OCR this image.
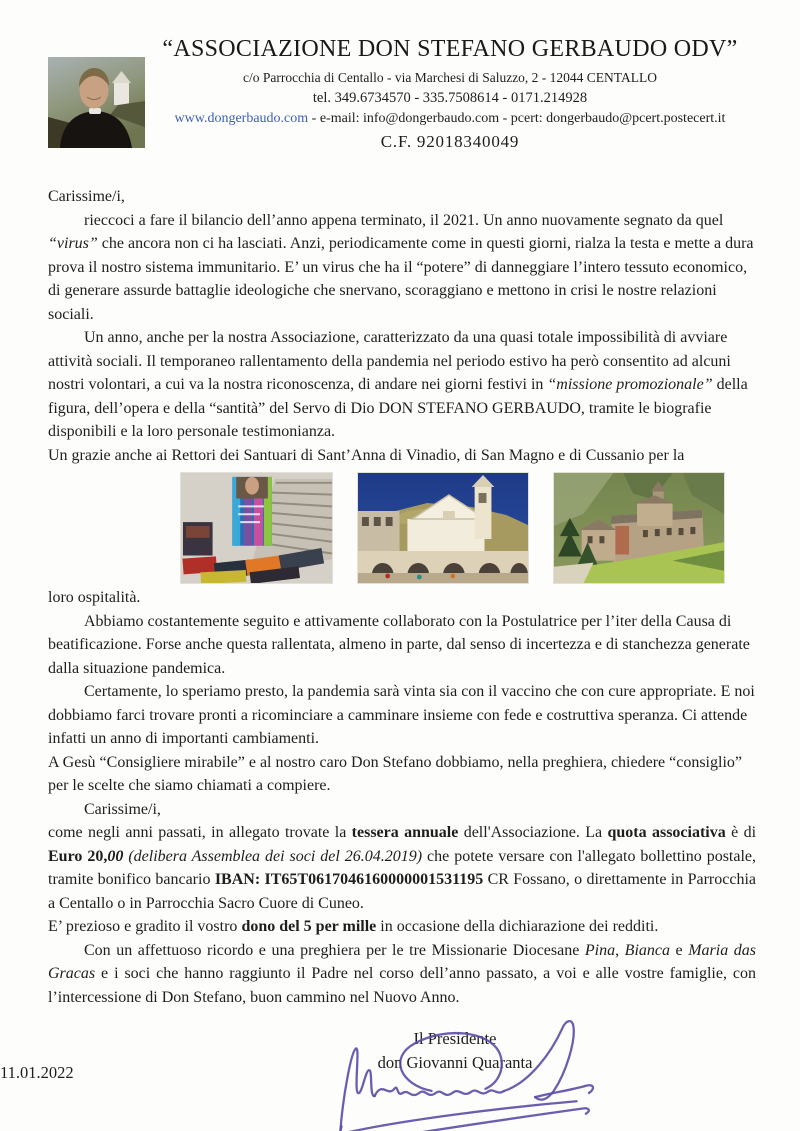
“ASSOCIAZIONE DON STEFANO GERBAUDO ODV”
c/o Parrocchia di Centallo - via Marchesi di Saluzzo, 2 - 12044 CENTALLO
tel. 349.6734570 - 335.7508614 - 0171.214928
www.dongerbaudo.com - e-mail: info@dongerbaudo.com - pcert: dongerbaudo@pcert.postecert.it
C.F. 92018340049

Carissime/i,

rieccoci a fare il bilancio dell’anno appena terminato, il 2021. Un anno nuovamente segnato da quel “virus” che ancora non ci ha lasciati. Anzi, periodicamente come in questi giorni, rialza la testa e mette a dura prova il nostro sistema immunitario. E’ un virus che ha il “potere” di danneggiare l’intero tessuto economico, di generare assurde battaglie ideologiche che snervano, scoraggiano e mettono in crisi le nostre relazioni sociali.

Un anno, anche per la nostra Associazione, caratterizzato da una quasi totale impossibilità di avviare attività sociali. Il temporaneo rallentamento della pandemia nel periodo estivo ha però consentito ad alcuni nostri volontari, a cui va la nostra riconoscenza, di andare nei giorni festivi in “missione promozionale” della figura, dell’opera e della “santità” del Servo di Dio DON STEFANO GERBAUDO, tramite le biografie disponibili e la loro personale testimonianza.

Un grazie anche ai Rettori dei Santuari di Sant’Anna di Vinadio, di San Magno e di Cussanio per la

loro ospitalità.

Abbiamo costantemente seguito e attivamente collaborato con la Postulatrice per l’iter della Causa di beatificazione. Forse anche questa rallentata, almeno in parte, dal senso di incertezza e di stanchezza generate dalla situazione pandemica.

Certamente, lo speriamo presto, la pandemia sarà vinta sia con il vaccino che con cure appropriate. E noi dobbiamo farci trovare pronti a ricominciare a camminare insieme con fede e costruttiva speranza. Ci attende infatti un anno di importanti cambiamenti.

A Gesù “Consigliere mirabile” e al nostro caro Don Stefano dobbiamo, nella preghiera, chiedere “consiglio” per le scelte che siamo chiamati a compiere.

Carissime/i,

come negli anni passati, in allegato trovate la tessera annuale dell'Associazione. La quota associativa è di Euro 20,00 (delibera Assemblea dei soci del 26.04.2019) che potete versare con l'allegato bollettino postale, tramite bonifico bancario IBAN: IT65T0617046160000001531195 CR Fossano, o direttamente in Parrocchia a Centallo o in Parrocchia Sacro Cuore di Cuneo.

E’ prezioso e gradito il vostro dono del 5 per mille in occasione della dichiarazione dei redditi.

Con un affettuoso ricordo e una preghiera per le tre Missionarie Diocesane Pina, Bianca e Maria das Gracas e i soci che hanno raggiunto il Padre nel corso dell’anno passato, a voi e alle vostre famiglie, con l’intercessione di Don Stefano, buon cammino nel Nuovo Anno.

11.01.2022
Il Presidente
don Giovanni Quaranta
